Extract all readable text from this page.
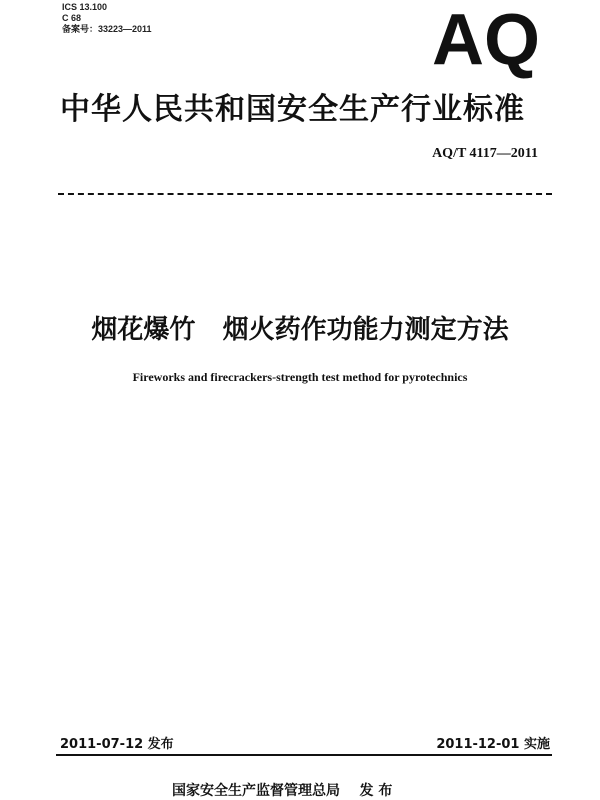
ICS 13.100
C 68
备案号：33223—2011	AQ
中华人民共和国安全生产行业标准
AQ/T 4117—2011
烟花爆竹   烟火药作功能力测定方法
Fireworks and firecrackers-strength test method for pyrotechnics
2011-07-12 发布	2011-12-01 实施
国家安全生产监督管理总局    发 布
